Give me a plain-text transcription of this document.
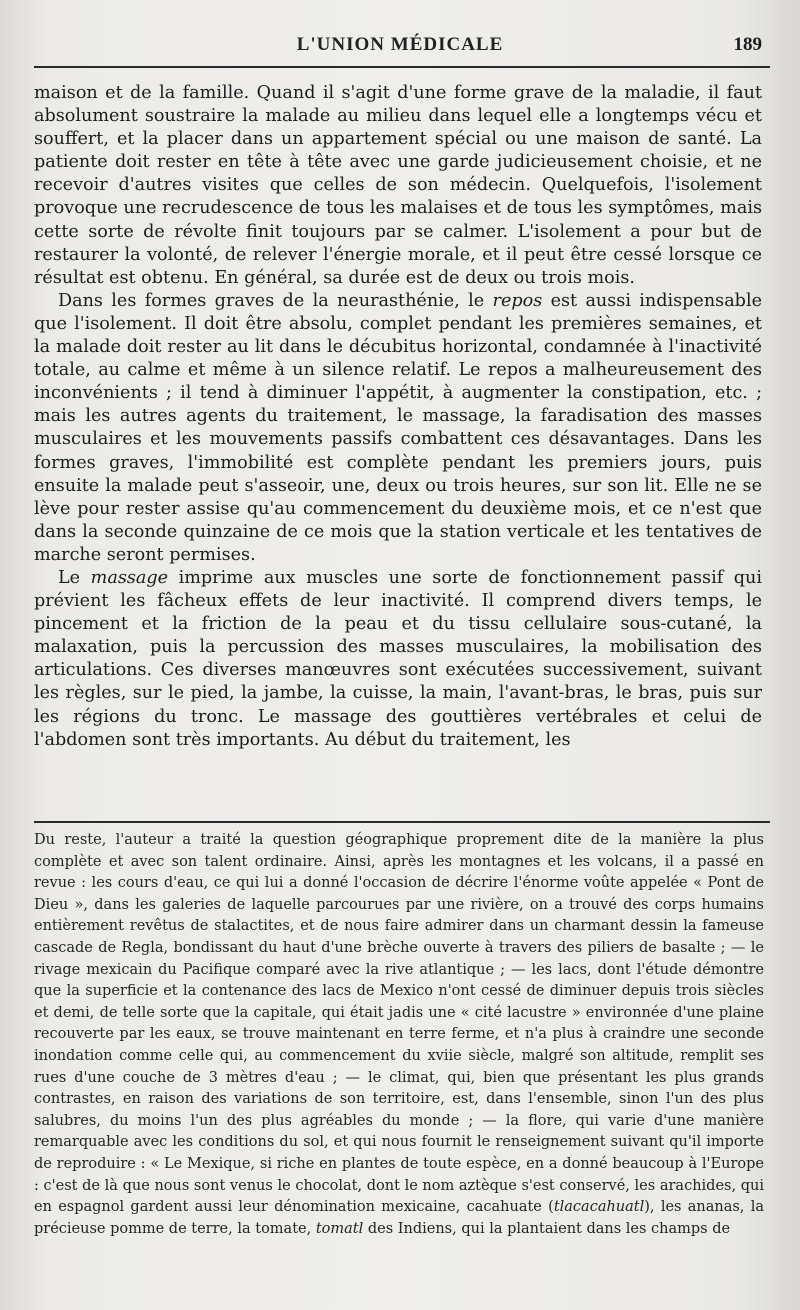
L'UNION MÉDICALE	189

maison et de la famille. Quand il s'agit d'une forme grave de la maladie, il faut absolument soustraire la malade au milieu dans lequel elle a longtemps vécu et souffert, et la placer dans un appartement spécial ou une maison de santé. La patiente doit rester en tête à tête avec une garde judicieusement choisie, et ne recevoir d'autres visites que celles de son médecin. Quelquefois, l'isolement provoque une recrudescence de tous les malaises et de tous les symptômes, mais cette sorte de révolte finit toujours par se calmer. L'isolement a pour but de restaurer la volonté, de relever l'énergie morale, et il peut être cessé lorsque ce résultat est obtenu. En général, sa durée est de deux ou trois mois.

Dans les formes graves de la neurasthénie, le repos est aussi indispensable que l'isolement. Il doit être absolu, complet pendant les premières semaines, et la malade doit rester au lit dans le décubitus horizontal, condamnée à l'inactivité totale, au calme et même à un silence relatif. Le repos a malheureusement des inconvénients ; il tend à diminuer l'appétit, à augmenter la constipation, etc. ; mais les autres agents du traitement, le massage, la faradisation des masses musculaires et les mouvements passifs combattent ces désavantages. Dans les formes graves, l'immobilité est complète pendant les premiers jours, puis ensuite la malade peut s'asseoir, une, deux ou trois heures, sur son lit. Elle ne se lève pour rester assise qu'au commencement du deuxième mois, et ce n'est que dans la seconde quinzaine de ce mois que la station verticale et les tentatives de marche seront permises.

Le massage imprime aux muscles une sorte de fonctionnement passif qui prévient les fâcheux effets de leur inactivité. Il comprend divers temps, le pincement et la friction de la peau et du tissu cellulaire sous-cutané, la malaxation, puis la percussion des masses musculaires, la mobilisation des articulations. Ces diverses manœuvres sont exécutées successivement, suivant les règles, sur le pied, la jambe, la cuisse, la main, l'avant-bras, le bras, puis sur les régions du tronc. Le massage des gouttières vertébrales et celui de l'abdomen sont très importants. Au début du traitement, les

Du reste, l'auteur a traité la question géographique proprement dite de la manière la plus complète et avec son talent ordinaire. Ainsi, après les montagnes et les volcans, il a passé en revue : les cours d'eau, ce qui lui a donné l'occasion de décrire l'énorme voûte appelée « Pont de Dieu », dans les galeries de laquelle parcourues par une rivière, on a trouvé des corps humains entièrement revêtus de stalactites, et de nous faire admirer dans un charmant dessin la fameuse cascade de Regla, bondissant du haut d'une brèche ouverte à travers des piliers de basalte ; — le rivage mexicain du Pacifique comparé avec la rive atlantique ; — les lacs, dont l'étude démontre que la superficie et la contenance des lacs de Mexico n'ont cessé de diminuer depuis trois siècles et demi, de telle sorte que la capitale, qui était jadis une « cité lacustre » environnée d'une plaine recouverte par les eaux, se trouve maintenant en terre ferme, et n'a plus à craindre une seconde inondation comme celle qui, au commencement du xviie siècle, malgré son altitude, remplit ses rues d'une couche de 3 mètres d'eau ; — le climat, qui, bien que présentant les plus grands contrastes, en raison des variations de son territoire, est, dans l'ensemble, sinon l'un des plus salubres, du moins l'un des plus agréables du monde ; — la flore, qui varie d'une manière remarquable avec les conditions du sol, et qui nous fournit le renseignement suivant qu'il importe de reproduire : « Le Mexique, si riche en plantes de toute espèce, en a donné beaucoup à l'Europe : c'est de là que nous sont venus le chocolat, dont le nom aztèque s'est conservé, les arachides, qui en espagnol gardent aussi leur dénomination mexicaine, cacahuate (tlacacahuatl), les ananas, la précieuse pomme de terre, la tomate, tomatl des Indiens, qui la plantaient dans les champs de
